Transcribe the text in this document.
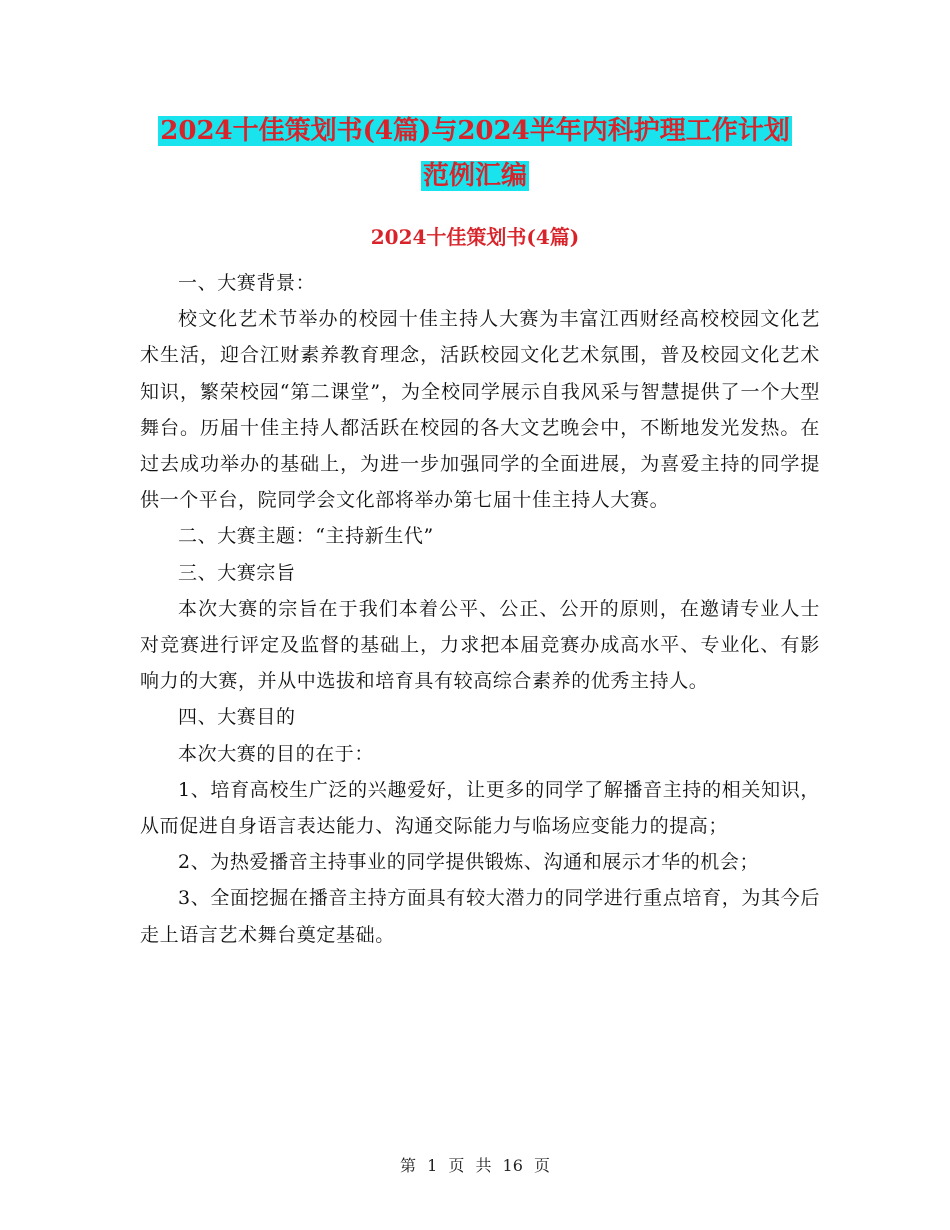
2024十佳策划书(4篇)与2024半年内科护理工作计划
范例汇编
2024十佳策划书(4篇)

一、大赛背景：

校文化艺术节举办的校园十佳主持人大赛为丰富江西财经高校校园文化艺术生活，迎合江财素养教育理念，活跃校园文化艺术氛围，普及校园文化艺术知识，繁荣校园“第二课堂”，为全校同学展示自我风采与智慧提供了一个大型舞台。历届十佳主持人都活跃在校园的各大文艺晚会中，不断地发光发热。在过去成功举办的基础上，为进一步加强同学的全面进展，为喜爱主持的同学提供一个平台，院同学会文化部将举办第七届十佳主持人大赛。

二、大赛主题：“主持新生代”

三、大赛宗旨

本次大赛的宗旨在于我们本着公平、公正、公开的原则，在邀请专业人士对竞赛进行评定及监督的基础上，力求把本届竞赛办成高水平、专业化、有影响力的大赛，并从中选拔和培育具有较高综合素养的优秀主持人。

四、大赛目的

本次大赛的目的在于：

1、培育高校生广泛的兴趣爱好，让更多的同学了解播音主持的相关知识，从而促进自身语言表达能力、沟通交际能力与临场应变能力的提高；

2、为热爱播音主持事业的同学提供锻炼、沟通和展示才华的机会；

3、全面挖掘在播音主持方面具有较大潜力的同学进行重点培育，为其今后走上语言艺术舞台奠定基础。

第 1 页 共 16 页
